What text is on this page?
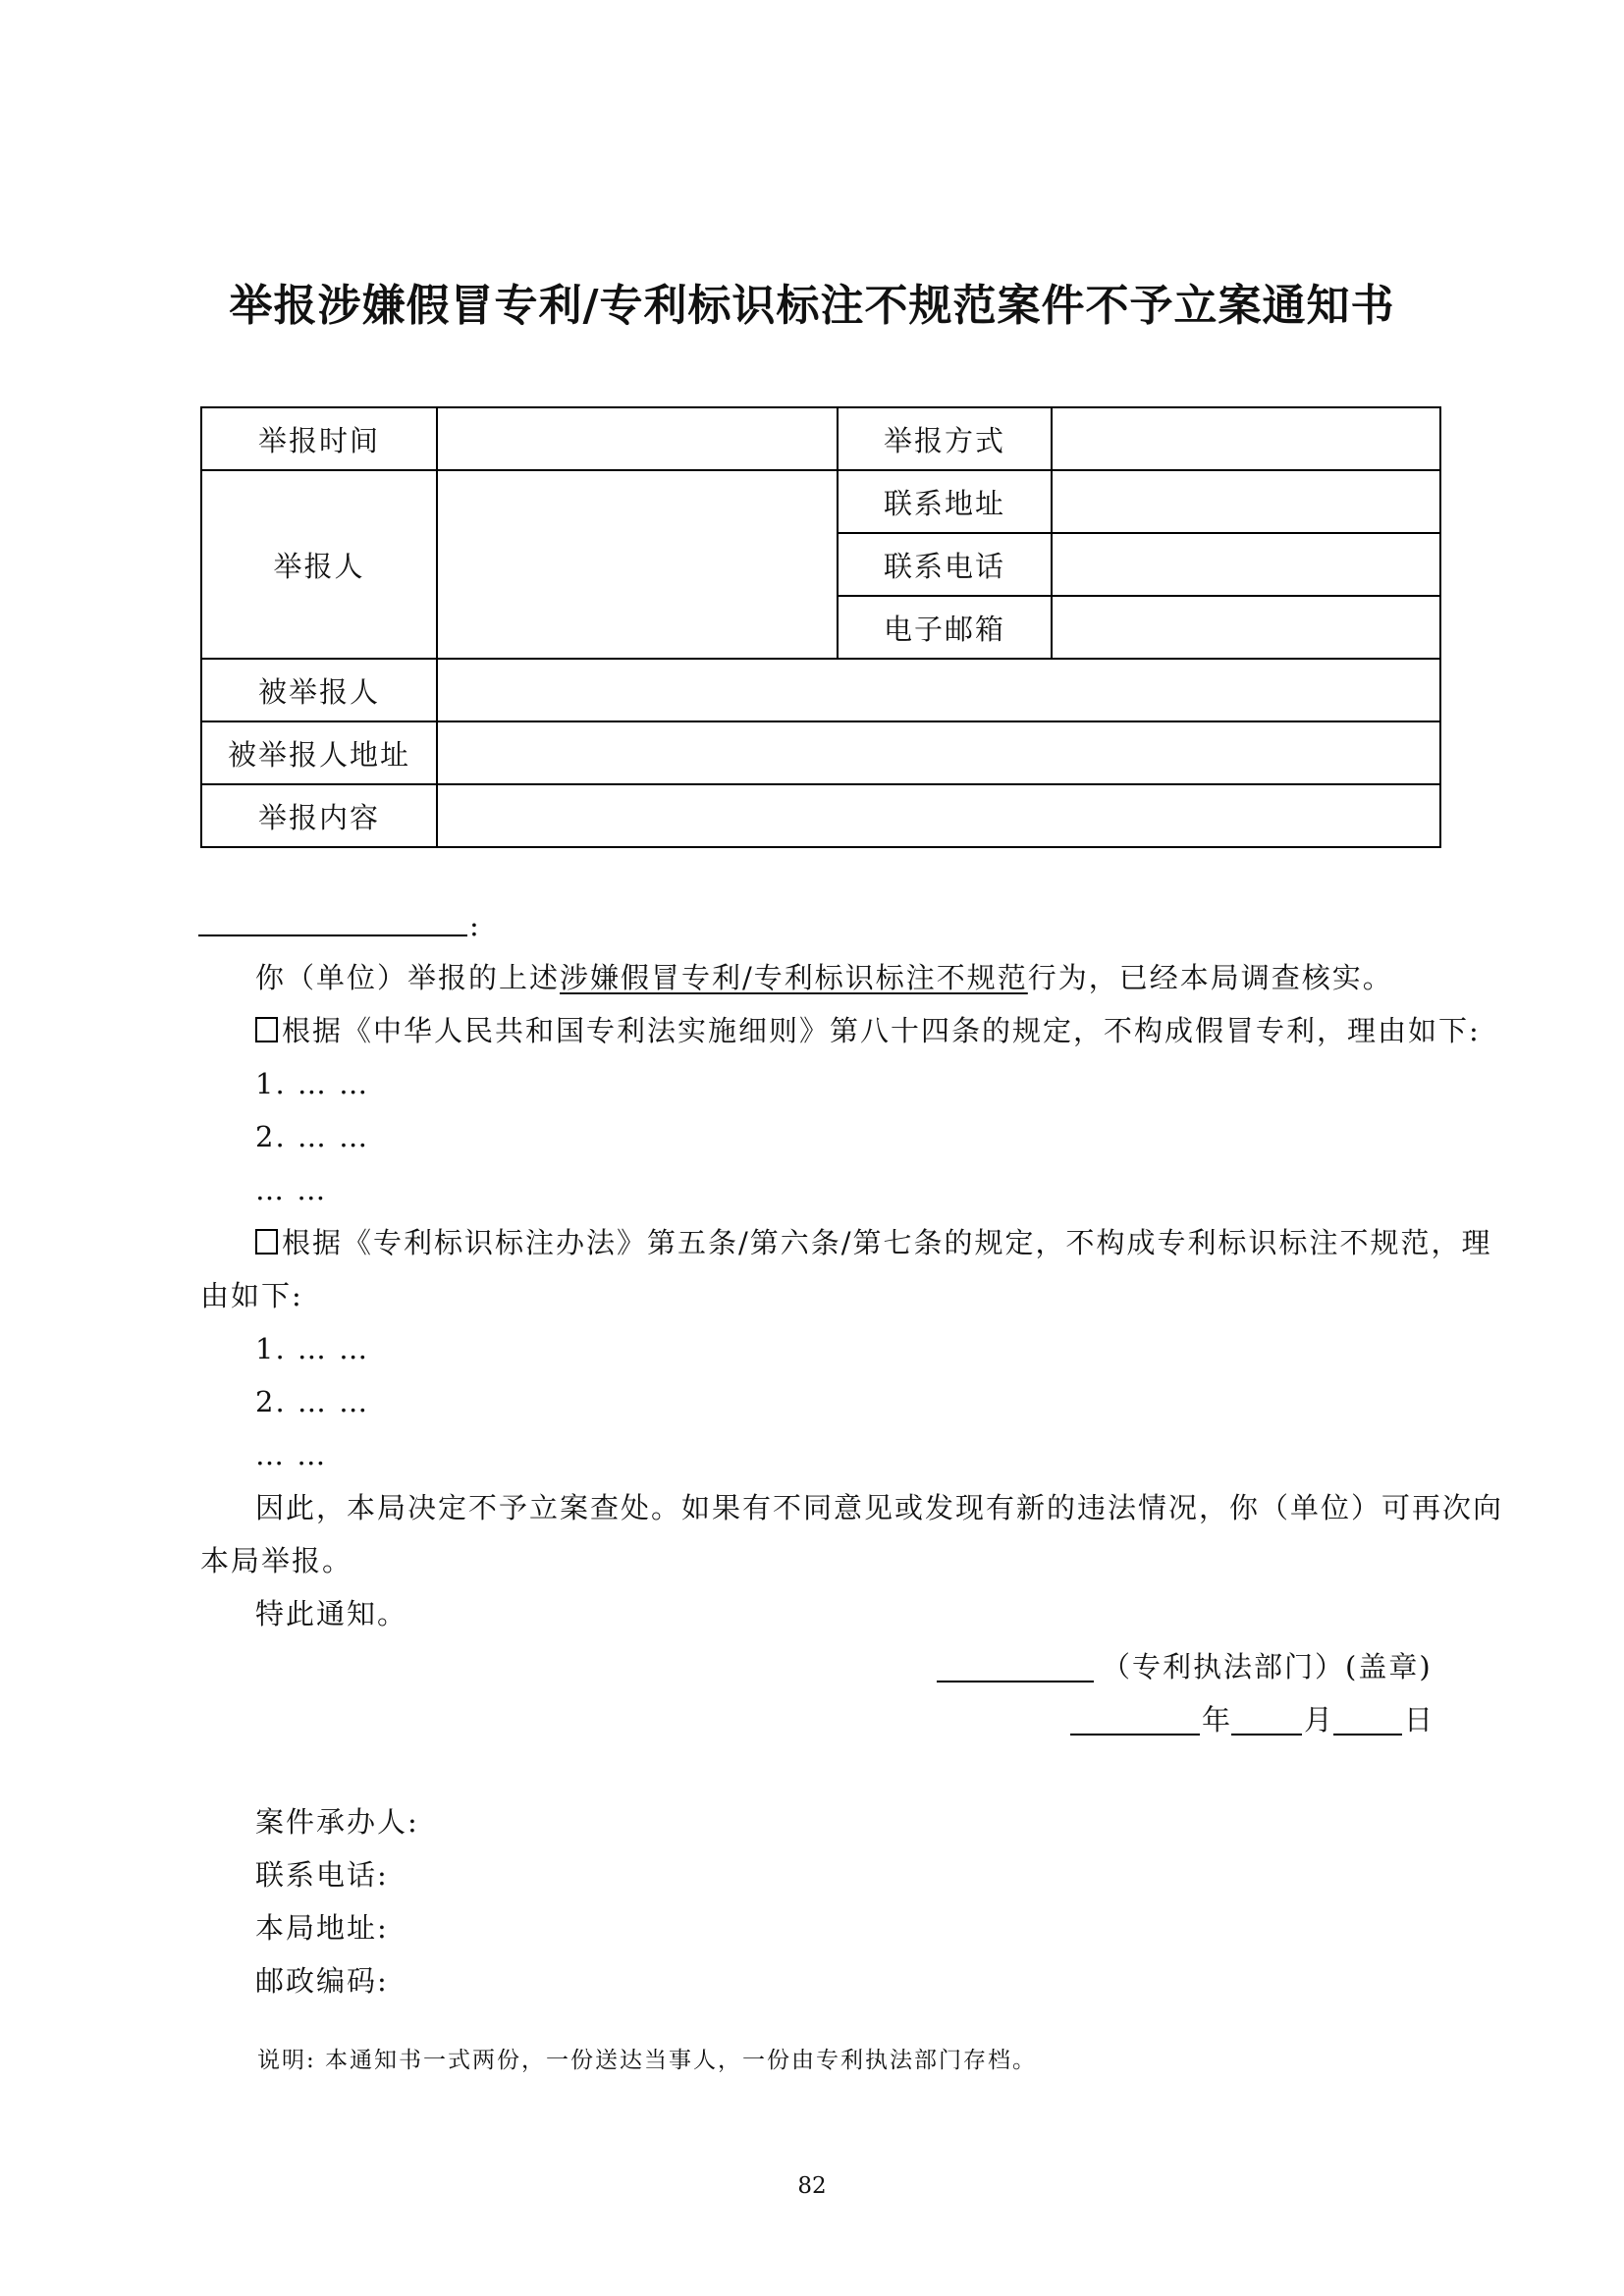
举报涉嫌假冒专利/专利标识标注不规范案件不予立案通知书
举报时间		举报方式	
举报人		联系地址	
		联系电话	
		电子邮箱	
被举报人			
被举报人地址			
举报内容			
:
你（单位）举报的上述涉嫌假冒专利/专利标识标注不规范行为，已经本局调查核实。
根据《中华人民共和国专利法实施细则》第八十四条的规定，不构成假冒专利，理由如下:
1. … …
2. … …
… …
根据《专利标识标注办法》第五条/第六条/第七条的规定，不构成专利标识标注不规范，理
由如下:
1. … …
2. … …
… …
因此，本局决定不予立案查处。如果有不同意见或发现有新的违法情况，你（单位）可再次向
本局举报。
特此通知。
（专利执法部门）(盖章)
年	月 日
案件承办人:
联系电话:
本局地址:
邮政编码:
说明: 本通知书一式两份，一份送达当事人，一份由专利执法部门存档。
82
